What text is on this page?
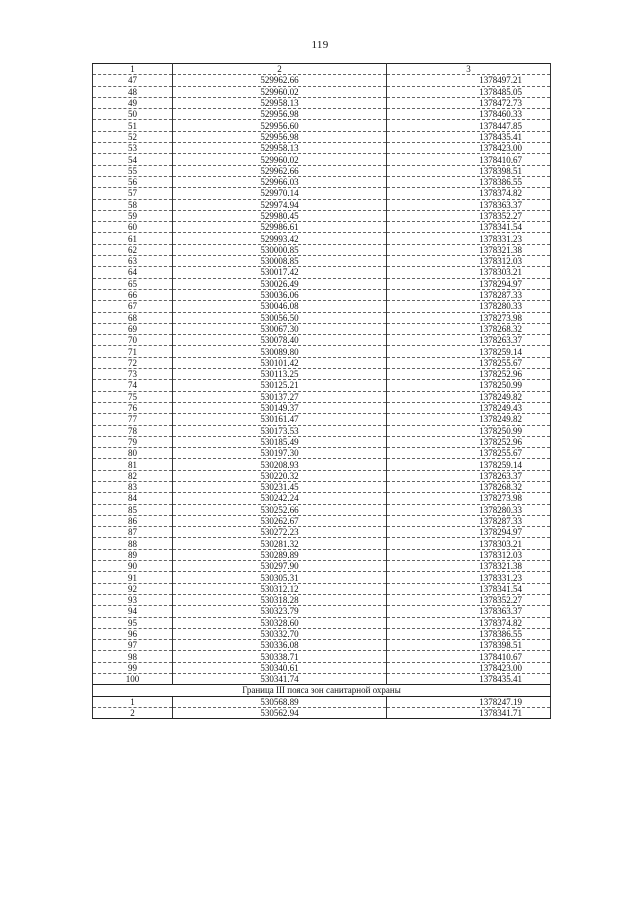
119
1	2	3
47	529962.66	1378497.21
48	529960.02	1378485.05
49	529958.13	1378472.73
50	529956.98	1378460.33
51	529956.60	1378447.85
52	529956.98	1378435.41
53	529958.13	1378423.00
54	529960.02	1378410.67
55	529962.66	1378398.51
56	529966.03	1378386.55
57	529970.14	1378374.82
58	529974.94	1378363.37
59	529980.45	1378352.27
60	529986.61	1378341.54
61	529993.42	1378331.23
62	530000.85	1378321.38
63	530008.85	1378312.03
64	530017.42	1378303.21
65	530026.49	1378294.97
66	530036.06	1378287.33
67	530046.08	1378280.33
68	530056.50	1378273.98
69	530067.30	1378268.32
70	530078.40	1378263.37
71	530089.80	1378259.14
72	530101.42	1378255.67
73	530113.25	1378252.96
74	530125.21	1378250.99
75	530137.27	1378249.82
76	530149.37	1378249.43
77	530161.47	1378249.82
78	530173.53	1378250.99
79	530185.49	1378252.96
80	530197.30	1378255.67
81	530208.93	1378259.14
82	530220.32	1378263.37
83	530231.45	1378268.32
84	530242.24	1378273.98
85	530252.66	1378280.33
86	530262.67	1378287.33
87	530272.23	1378294.97
88	530281.32	1378303.21
89	530289.89	1378312.03
90	530297.90	1378321.38
91	530305.31	1378331.23
92	530312.12	1378341.54
93	530318.28	1378352.27
94	530323.79	1378363.37
95	530328.60	1378374.82
96	530332.70	1378386.55
97	530336.08	1378398.51
98	530338.71	1378410.67
99	530340.61	1378423.00
100	530341.74	1378435.41
Граница III пояса зон санитарной охраны		
1	530568.89	1378247.19
2	530562.94	1378341.71
